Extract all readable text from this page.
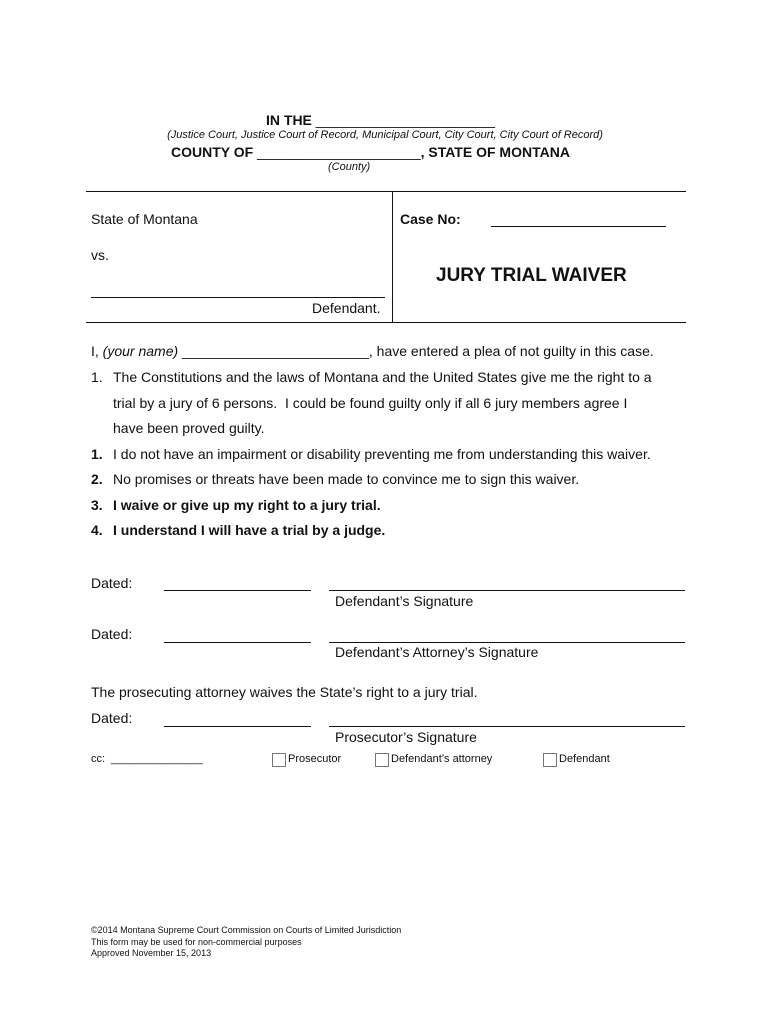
IN THE _______________________
(Justice Court, Justice Court of Record, Municipal Court, City Court, City Court of Record)
COUNTY OF _____________________, STATE OF MONTANA
(County)
State of Montana
vs.
Defendant.
Case No:
JURY TRIAL WAIVER
I, (your name) ________________________, have entered a plea of not guilty in this case.
1. The Constitutions and the laws of Montana and the United States give me the right to a
trial by a jury of 6 persons.  I could be found guilty only if all 6 jury members agree I
have been proved guilty.
1. I do not have an impairment or disability preventing me from understanding this waiver.
2. No promises or threats have been made to convince me to sign this waiver.
3. I waive or give up my right to a jury trial.
4. I understand I will have a trial by a judge.
Dated:
Defendant’s Signature
Dated:
Defendant’s Attorney’s Signature
The prosecuting attorney waives the State’s right to a jury trial.
Dated:
Prosecutor’s Signature
cc: _______________	Prosecutor	Defendant’s attorney	Defendant
©2014 Montana Supreme Court Commission on Courts of Limited Jurisdiction
This form may be used for non-commercial purposes
Approved November 15, 2013
